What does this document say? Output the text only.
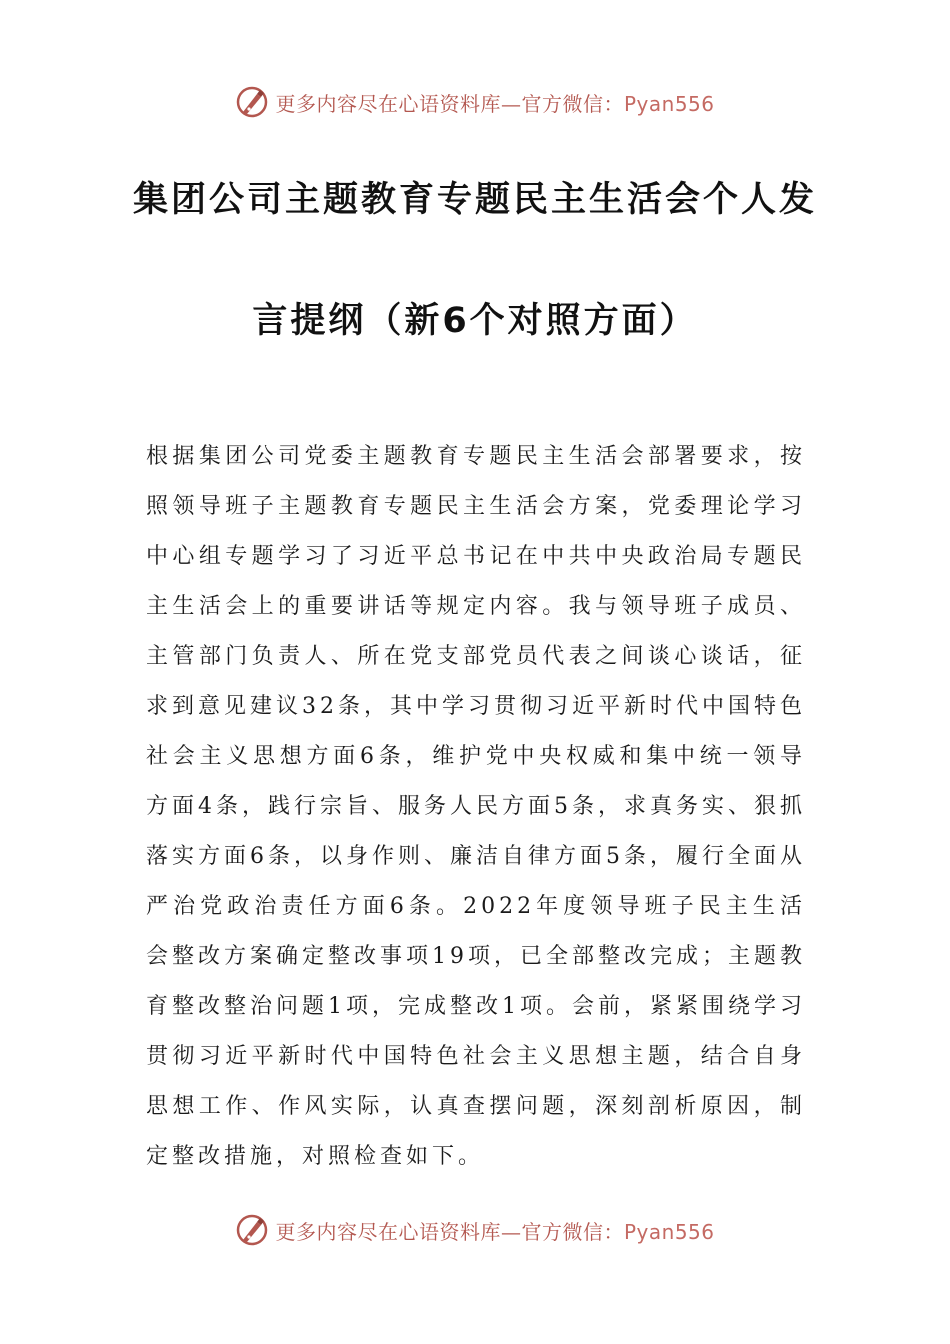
更多内容尽在心语资料库—官方微信：Pyan556
集团公司主题教育专题民主生活会个人发
言提纲（新6个对照方面）

根据集团公司党委主题教育专题民主生活会部署要求，按照领导班子主题教育专题民主生活会方案，党委理论学习中心组专题学习了习近平总书记在中共中央政治局专题民主生活会上的重要讲话等规定内容。我与领导班子成员、主管部门负责人、所在党支部党员代表之间谈心谈话，征求到意见建议32条，其中学习贯彻习近平新时代中国特色社会主义思想方面6条，维护党中央权威和集中统一领导方面4条，践行宗旨、服务人民方面5条，求真务实、狠抓落实方面6条，以身作则、廉洁自律方面5条，履行全面从严治党政治责任方面6条。2022年度领导班子民主生活会整改方案确定整改事项19项，已全部整改完成；主题教育整改整治问题1项，完成整改1项。会前，紧紧围绕学习贯彻习近平新时代中国特色社会主义思想主题，结合自身思想工作、作风实际，认真查摆问题，深刻剖析原因，制定整改措施，对照检查如下。

更多内容尽在心语资料库—官方微信：Pyan556
